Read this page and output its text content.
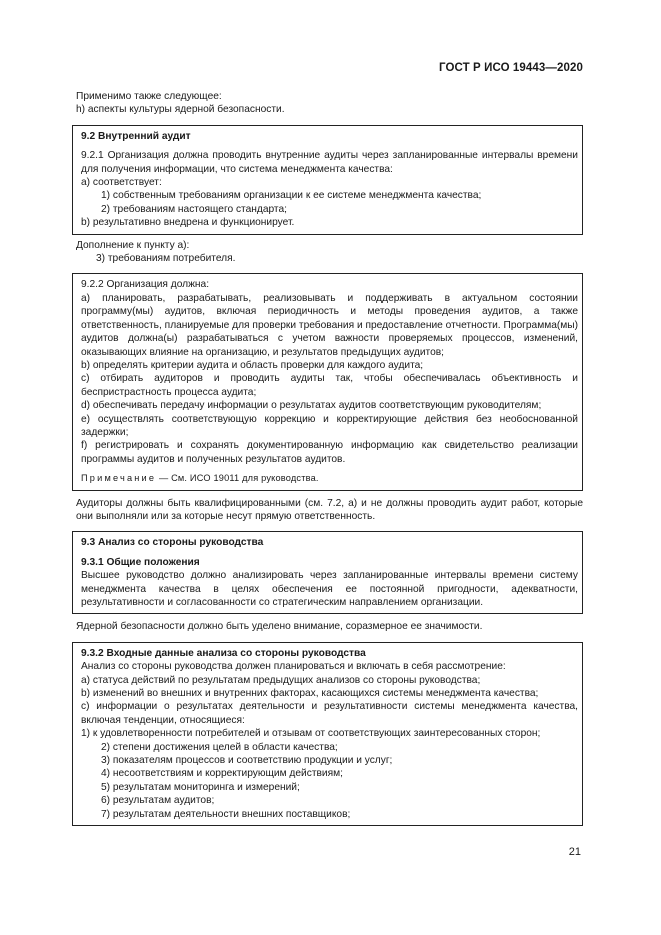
ГОСТ Р ИСО 19443—2020

Применимо также следующее:

h) аспекты культуры ядерной безопасности.

9.2 Внутренний аудит

9.2.1 Организация должна проводить внутренние аудиты через запланированные интервалы времени для получения информации, что система менеджмента качества:

a) соответствует:

1) собственным требованиям организации к ее системе менеджмента качества;

2) требованиям настоящего стандарта;

b) результативно внедрена и функционирует.

Дополнение к пункту a):

3) требованиям потребителя.

9.2.2 Организация должна:

a) планировать, разрабатывать, реализовывать и поддерживать в актуальном состоянии программу(мы) аудитов, включая периодичность и методы проведения аудитов, а также ответственность, планируемые для проверки требования и предоставление отчетности. Программа(мы) аудитов должна(ы) разрабатываться с учетом важности проверяемых процессов, изменений, оказывающих влияние на организацию, и результатов предыдущих аудитов;

b) определять критерии аудита и область проверки для каждого аудита;

c) отбирать аудиторов и проводить аудиты так, чтобы обеспечивалась объективность и беспристрастность процесса аудита;

d) обеспечивать передачу информации о результатах аудитов соответствующим руководителям;

e) осуществлять соответствующую коррекцию и корректирующие действия без необоснованной задержки;

f) регистрировать и сохранять документированную информацию как свидетельство реализации программы аудитов и полученных результатов аудитов.

Примечание — См. ИСО 19011 для руководства.

Аудиторы должны быть квалифицированными (см. 7.2, a) и не должны проводить аудит работ, которые они выполняли или за которые несут прямую ответственность.

9.3 Анализ со стороны руководства

9.3.1 Общие положения

Высшее руководство должно анализировать через запланированные интервалы времени систему менеджмента качества в целях обеспечения ее постоянной пригодности, адекватности, результативности и согласованности со стратегическим направлением организации.

Ядерной безопасности должно быть уделено внимание, соразмерное ее значимости.

9.3.2 Входные данные анализа со стороны руководства

Анализ со стороны руководства должен планироваться и включать в себя рассмотрение:

a) статуса действий по результатам предыдущих анализов со стороны руководства;

b) изменений во внешних и внутренних факторах, касающихся системы менеджмента качества;

c) информации о результатах деятельности и результативности системы менеджмента качества, включая тенденции, относящиеся:

1) к удовлетворенности потребителей и отзывам от соответствующих заинтересованных сторон;

2) степени достижения целей в области качества;

3) показателям процессов и соответствию продукции и услуг;

4) несоответствиям и корректирующим действиям;

5) результатам мониторинга и измерений;

6) результатам аудитов;

7) результатам деятельности внешних поставщиков;

21
